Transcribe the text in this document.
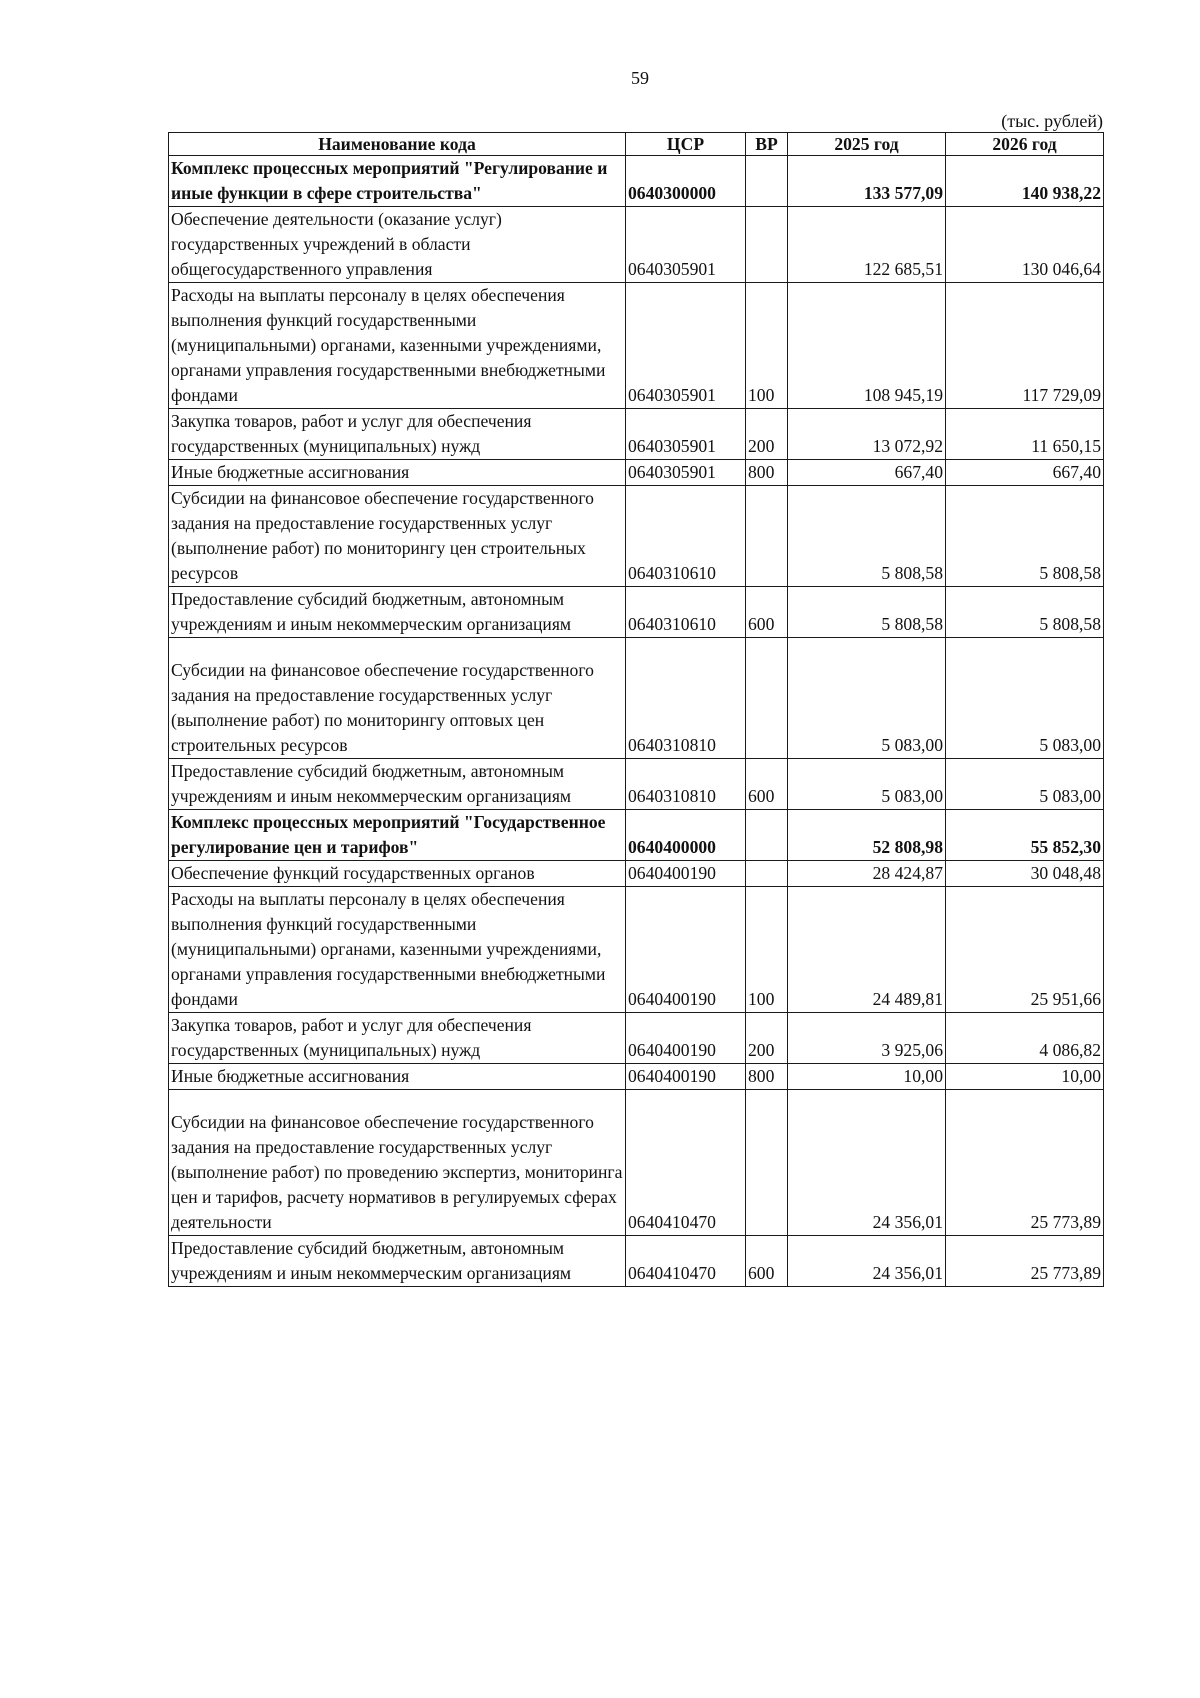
59
(тыс. рублей)
Наименование кода	ЦСР	ВР	2025 год	2026 год
Комплекс процессных мероприятий "Регулирование и иные функции в сфере строительства"	0640300000		133 577,09	140 938,22
Обеспечение деятельности (оказание услуг) государственных учреждений в области общегосударственного управления	0640305901		122 685,51	130 046,64
Расходы на выплаты персоналу в целях обеспечения выполнения функций государственными (муниципальными) органами, казенными учреждениями, органами управления государственными внебюджетными фондами	0640305901	100	108 945,19	117 729,09
Закупка товаров, работ и услуг для обеспечения государственных (муниципальных) нужд	0640305901	200	13 072,92	11 650,15
Иные бюджетные ассигнования	0640305901	800	667,40	667,40
Субсидии на финансовое обеспечение государственного задания на предоставление государственных услуг (выполнение работ) по мониторингу цен строительных ресурсов	0640310610		5 808,58	5 808,58
Предоставление субсидий бюджетным, автономным учреждениям и иным некоммерческим организациям	0640310610	600	5 808,58	5 808,58
Субсидии на финансовое обеспечение государственного задания на предоставление государственных услуг (выполнение работ) по мониторингу оптовых цен строительных ресурсов	0640310810		5 083,00	5 083,00
Предоставление субсидий бюджетным, автономным учреждениям и иным некоммерческим организациям	0640310810	600	5 083,00	5 083,00
Комплекс процессных мероприятий "Государственное регулирование цен и тарифов"	0640400000		52 808,98	55 852,30
Обеспечение функций государственных органов	0640400190		28 424,87	30 048,48
Расходы на выплаты персоналу в целях обеспечения выполнения функций государственными (муниципальными) органами, казенными учреждениями, органами управления государственными внебюджетными фондами	0640400190	100	24 489,81	25 951,66
Закупка товаров, работ и услуг для обеспечения государственных (муниципальных) нужд	0640400190	200	3 925,06	4 086,82
Иные бюджетные ассигнования	0640400190	800	10,00	10,00
Субсидии на финансовое обеспечение государственного задания на предоставление государственных услуг (выполнение работ) по проведению экспертиз, мониторинга цен и тарифов, расчету нормативов в регулируемых сферах деятельности	0640410470		24 356,01	25 773,89
Предоставление субсидий бюджетным, автономным учреждениям и иным некоммерческим организациям	0640410470	600	24 356,01	25 773,89
